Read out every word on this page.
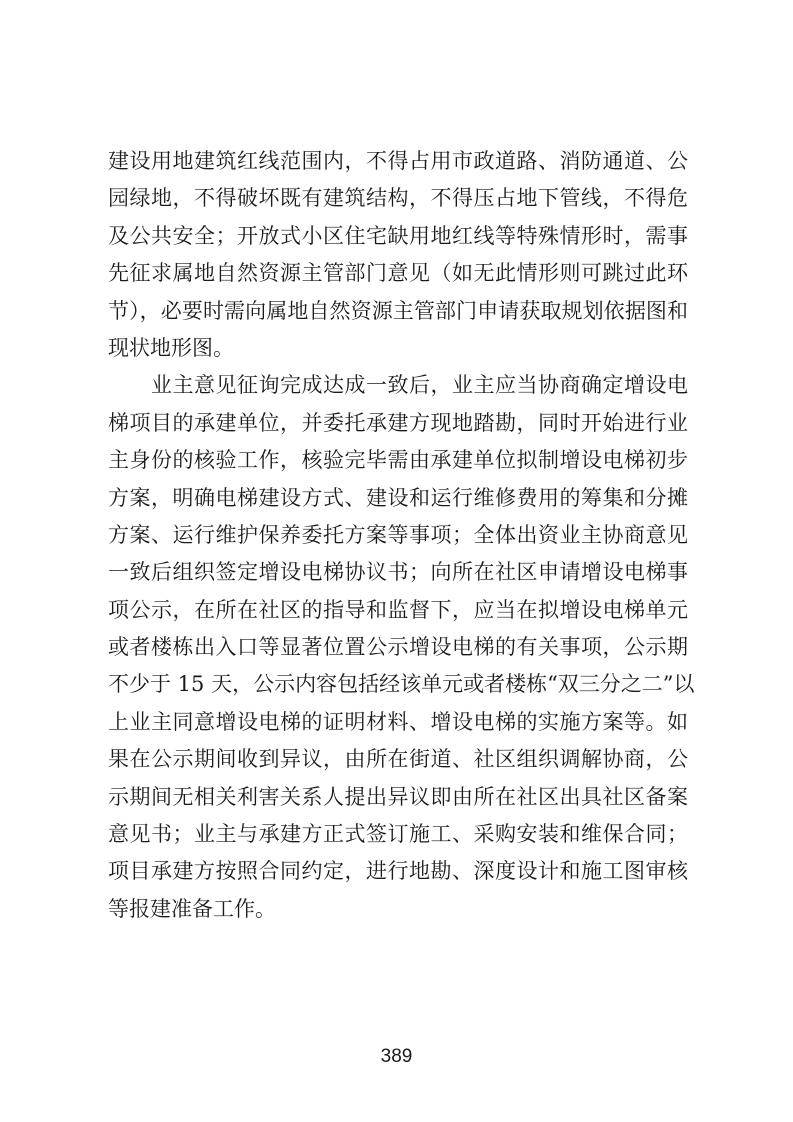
建设用地建筑红线范围内，不得占用市政道路、消防通道、公
园绿地，不得破坏既有建筑结构，不得压占地下管线，不得危
及公共安全；开放式小区住宅缺用地红线等特殊情形时，需事
先征求属地自然资源主管部门意见（如无此情形则可跳过此环
节），必要时需向属地自然资源主管部门申请获取规划依据图和
现状地形图。
　　业主意见征询完成达成一致后，业主应当协商确定增设电
梯项目的承建单位，并委托承建方现地踏勘，同时开始进行业
主身份的核验工作，核验完毕需由承建单位拟制增设电梯初步
方案，明确电梯建设方式、建设和运行维修费用的筹集和分摊
方案、运行维护保养委托方案等事项；全体出资业主协商意见
一致后组织签定增设电梯协议书；向所在社区申请增设电梯事
项公示，在所在社区的指导和监督下，应当在拟增设电梯单元
或者楼栋出入口等显著位置公示增设电梯的有关事项，公示期
不少于 15 天，公示内容包括经该单元或者楼栋“双三分之二”以
上业主同意增设电梯的证明材料、增设电梯的实施方案等。如
果在公示期间收到异议，由所在街道、社区组织调解协商，公
示期间无相关利害关系人提出异议即由所在社区出具社区备案
意见书；业主与承建方正式签订施工、采购安装和维保合同；
项目承建方按照合同约定，进行地勘、深度设计和施工图审核
等报建准备工作。
389
